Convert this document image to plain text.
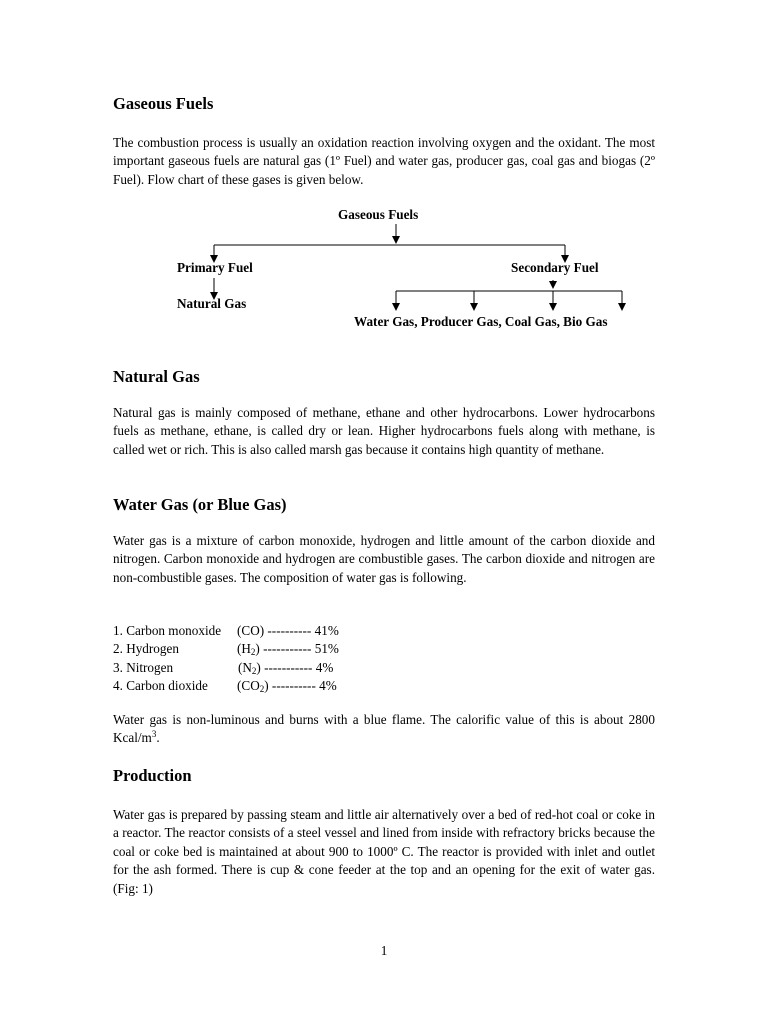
Gaseous Fuels

The combustion process is usually an oxidation reaction involving oxygen and the oxidant. The most important gaseous fuels are natural gas (1º Fuel) and water gas, producer gas, coal gas and biogas (2º Fuel). Flow chart of these gases is given below.

Gaseous Fuels
Primary Fuel	Secondary Fuel
Natural Gas
Water Gas, Producer Gas, Coal Gas, Bio Gas
Natural Gas

Natural gas is mainly composed of methane, ethane and other hydrocarbons. Lower hydrocarbons fuels as methane, ethane, is called dry or lean. Higher hydrocarbons fuels along with methane, is called wet or rich. This is also called marsh gas because it contains high quantity of methane.

Water Gas (or Blue Gas)

Water gas is a mixture of carbon monoxide, hydrogen and little amount of the carbon dioxide and nitrogen. Carbon monoxide and hydrogen are combustible gases. The carbon dioxide and nitrogen are non-combustible gases. The composition of water gas is following.

1. Carbon monoxide (CO) ---------- 41%
2. Hydrogen	$(H_2)$ ----------- 51%
3. Nitrogen	$(N_2)$ ----------- 4%
4. Carbon dioxide $(CO_2)$ ---------- 4%

Water gas is non-luminous and burns with a blue flame. The calorific value of this is about 2800 Kcal/$m^3$.

Production

Water gas is prepared by passing steam and little air alternatively over a bed of red-hot coal or coke in a reactor. The reactor consists of a steel vessel and lined from inside with refractory bricks because the coal or coke bed is maintained at about 900 to 1000º C. The reactor is provided with inlet and outlet for the ash formed. There is cup & cone feeder at the top and an opening for the exit of water gas. (Fig: 1)

1
